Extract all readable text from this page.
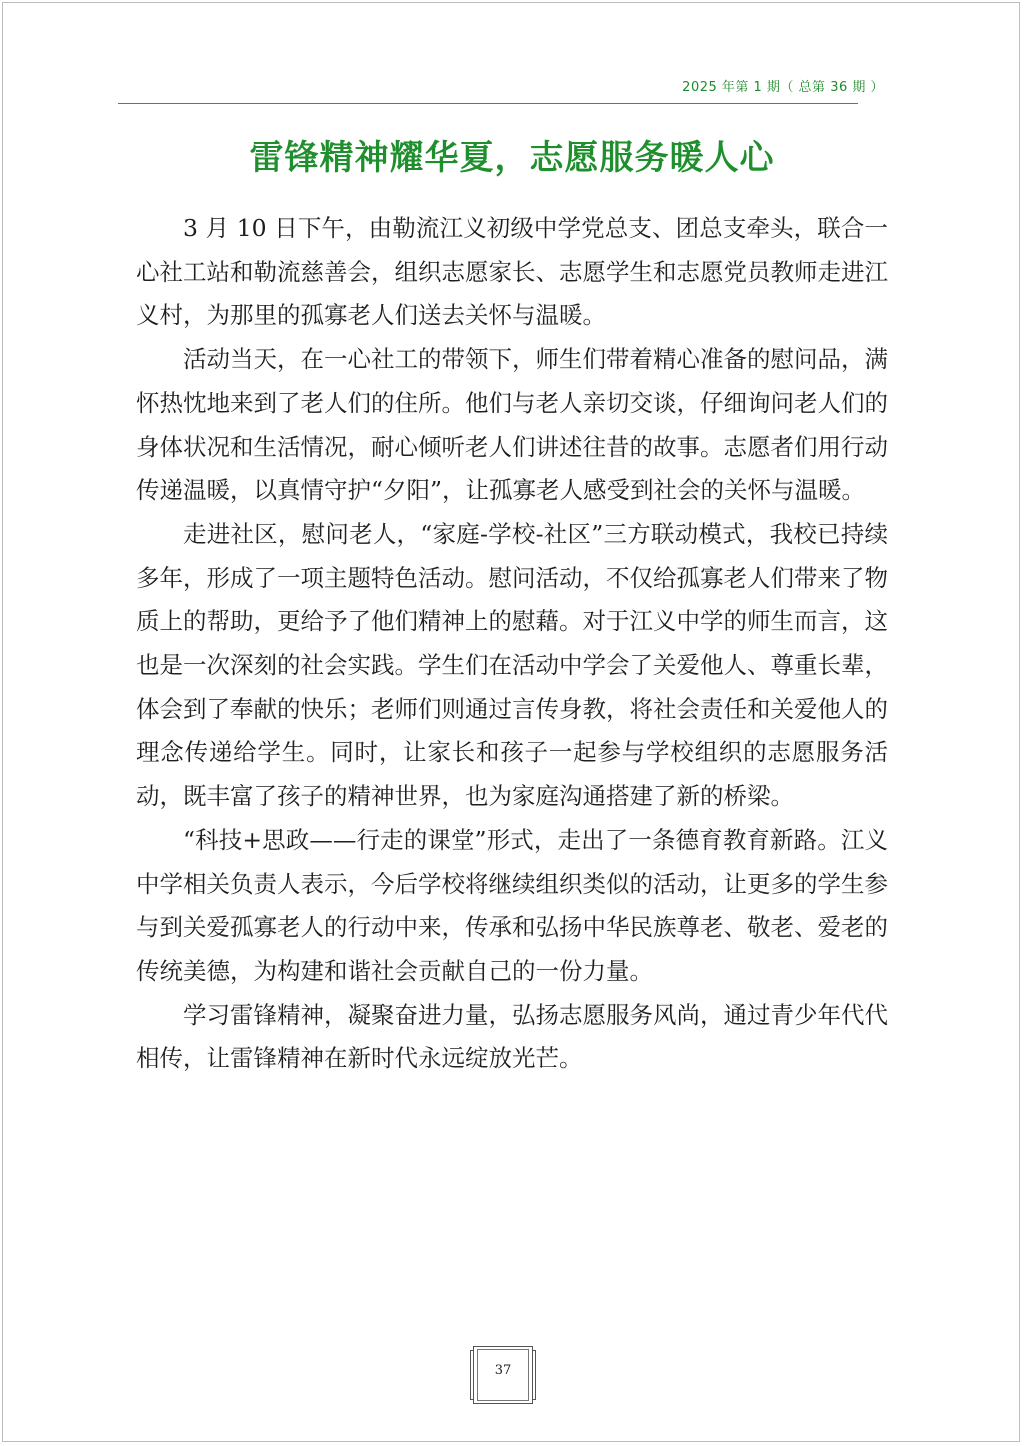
2025 年第 1 期（ 总第 36 期 ）
雷锋精神耀华夏，志愿服务暖人心

3 月 10 日下午，由勒流江义初级中学党总支、团总支牵头，联合一心社工站和勒流慈善会，组织志愿家长、志愿学生和志愿党员教师走进江义村，为那里的孤寡老人们送去关怀与温暖。

活动当天，在一心社工的带领下，师生们带着精心准备的慰问品，满怀热忱地来到了老人们的住所。他们与老人亲切交谈，仔细询问老人们的身体状况和生活情况，耐心倾听老人们讲述往昔的故事。志愿者们用行动传递温暖，以真情守护“夕阳”，让孤寡老人感受到社会的关怀与温暖。

走进社区，慰问老人，“家庭-学校-社区”三方联动模式，我校已持续多年，形成了一项主题特色活动。慰问活动，不仅给孤寡老人们带来了物质上的帮助，更给予了他们精神上的慰藉。对于江义中学的师生而言，这也是一次深刻的社会实践。学生们在活动中学会了关爱他人、尊重长辈，体会到了奉献的快乐；老师们则通过言传身教，将社会责任和关爱他人的理念传递给学生。同时，让家长和孩子一起参与学校组织的志愿服务活动，既丰富了孩子的精神世界，也为家庭沟通搭建了新的桥梁。

“科技+思政——行走的课堂”形式，走出了一条德育教育新路。江义中学相关负责人表示，今后学校将继续组织类似的活动，让更多的学生参与到关爱孤寡老人的行动中来，传承和弘扬中华民族尊老、敬老、爱老的传统美德，为构建和谐社会贡献自己的一份力量。

学习雷锋精神，凝聚奋进力量，弘扬志愿服务风尚，通过青少年代代相传，让雷锋精神在新时代永远绽放光芒。

37
